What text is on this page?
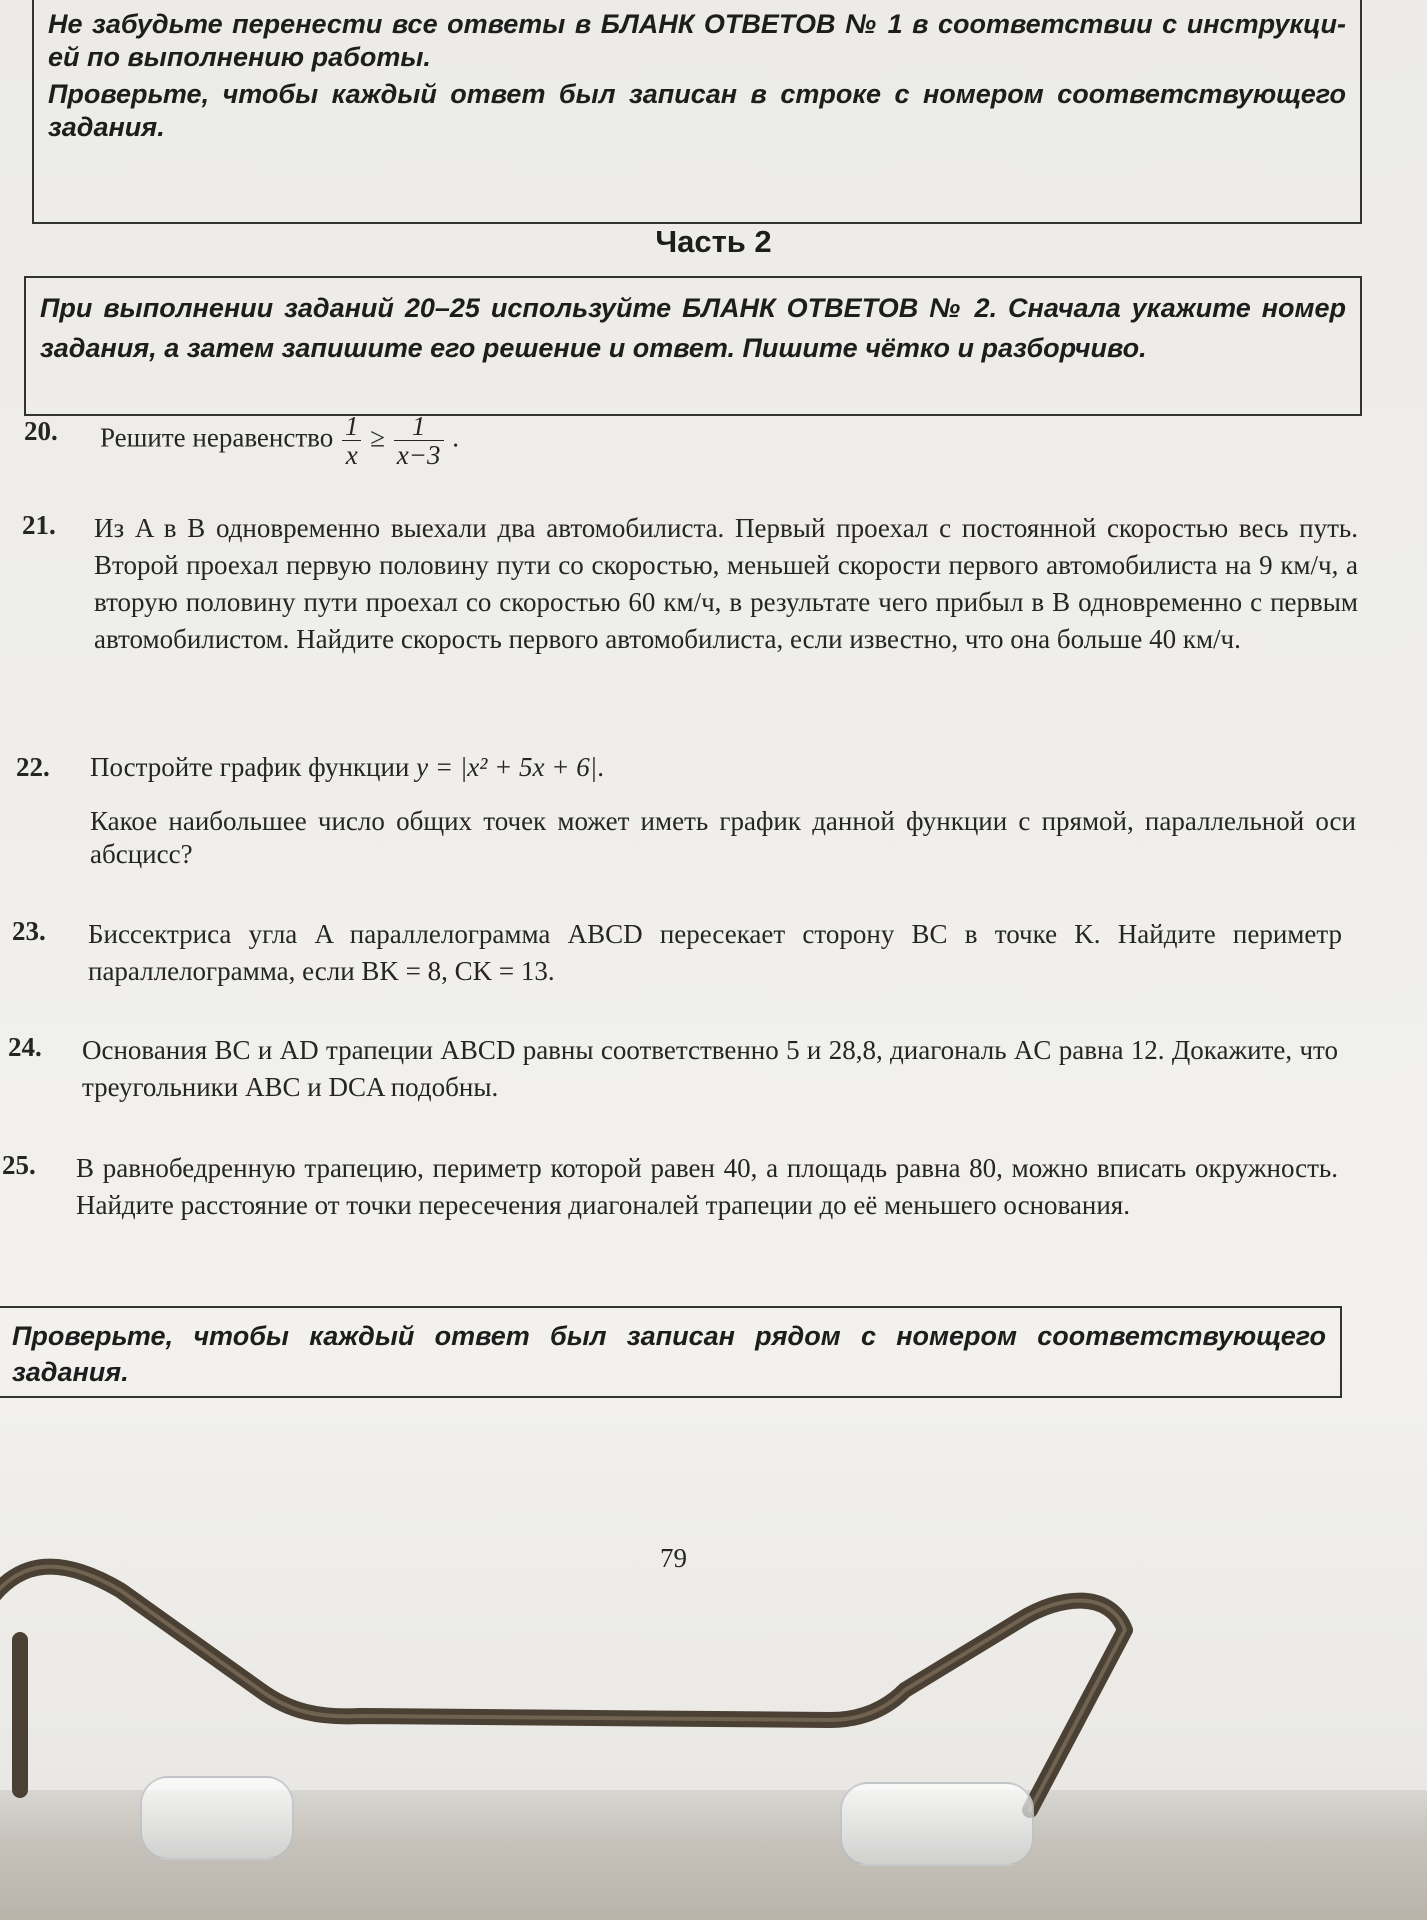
Не забудьте перенести все ответы в БЛАНК ОТВЕТОВ № 1 в соответствии с инструкци-ей по выполнению работы.

Проверьте, чтобы каждый ответ был записан в строке с номером соответствующего задания.

Часть 2

При выполнении заданий 20–25 используйте БЛАНК ОТВЕТОВ № 2. Сначала укажите номер задания, а затем запишите его решение и ответ. Пишите чётко и разборчиво.

20. Решите неравенство $\frac{1}{x} \ge \frac{1}{x-3}$ .
21. Из A в B одновременно выехали два автомобилиста. Первый проехал с постоянной скоростью весь путь. Второй проехал первую половину пути со скоростью, меньшей скорости первого автомобилиста на 9 км/ч, а вторую половину пути проехал со скоростью 60 км/ч, в результате чего прибыл в B одновременно с первым автомобилистом. Найдите скорость первого автомобилиста, если известно, что она больше 40 км/ч.

22. Постройте график функции y = |x² + 5x + 6|.

Какое наибольшее число общих точек может иметь график данной функции с прямой, параллельной оси абсцисс?

23. Биссектриса угла A параллелограмма ABCD пересекает сторону BC в точке K. Найдите периметр параллелограмма, если BK = 8, CK = 13.

24. Основания BC и AD трапеции ABCD равны соответственно 5 и 28,8, диагональ AC равна 12. Докажите, что треугольники ABC и DCA подобны.

25. В равнобедренную трапецию, периметр которой равен 40, а площадь равна 80, можно вписать окружность. Найдите расстояние от точки пересечения диагоналей трапеции до её меньшего основания.

Проверьте, чтобы каждый ответ был записан рядом с номером соответствующего задания.

79
